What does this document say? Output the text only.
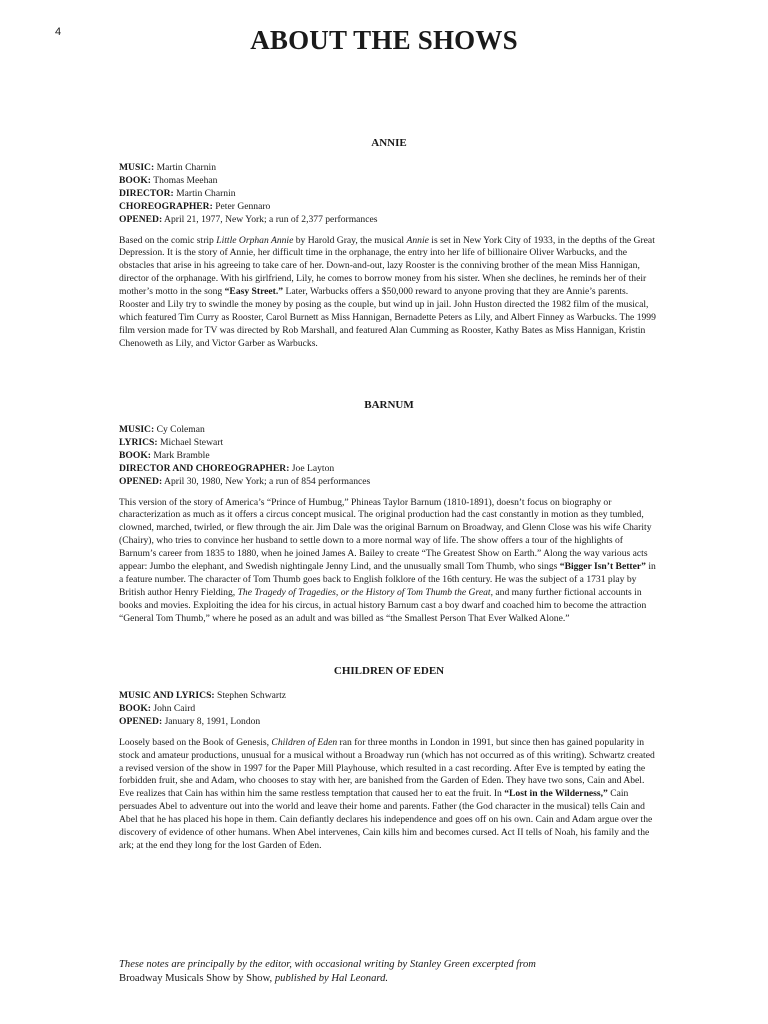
4	ABOUT THE SHOWS
ANNIE
MUSIC: Martin Charnin
BOOK: Thomas Meehan
DIRECTOR: Martin Charnin
CHOREOGRAPHER: Peter Gennaro
OPENED: April 21, 1977, New York; a run of 2,377 performances

Based on the comic strip Little Orphan Annie by Harold Gray, the musical Annie is set in New York City of 1933, in the depths of the Great Depression. It is the story of Annie, her difficult time in the orphanage, the entry into her life of billionaire Oliver Warbucks, and the obstacles that arise in his agreeing to take care of her. Down-and-out, lazy Rooster is the conniving brother of the mean Miss Hannigan, director of the orphanage. With his girlfriend, Lily, he comes to borrow money from his sister. When she declines, he reminds her of their mother’s motto in the song “Easy Street.” Later, Warbucks offers a $50,000 reward to anyone proving that they are Annie’s parents. Rooster and Lily try to swindle the money by posing as the couple, but wind up in jail. John Huston directed the 1982 film of the musical, which featured Tim Curry as Rooster, Carol Burnett as Miss Hannigan, Bernadette Peters as Lily, and Albert Finney as Warbucks. The 1999 film version made for TV was directed by Rob Marshall, and featured Alan Cumming as Rooster, Kathy Bates as Miss Hannigan, Kristin Chenoweth as Lily, and Victor Garber as Warbucks.

BARNUM
MUSIC: Cy Coleman
LYRICS: Michael Stewart
BOOK: Mark Bramble
DIRECTOR AND CHOREOGRAPHER: Joe Layton
OPENED: April 30, 1980, New York; a run of 854 performances

This version of the story of America’s “Prince of Humbug,” Phineas Taylor Barnum (1810-1891), doesn’t focus on biography or characterization as much as it offers a circus concept musical. The original production had the cast constantly in motion as they tumbled, clowned, marched, twirled, or flew through the air. Jim Dale was the original Barnum on Broadway, and Glenn Close was his wife Charity (Chairy), who tries to convince her husband to settle down to a more normal way of life. The show offers a tour of the highlights of Barnum’s career from 1835 to 1880, when he joined James A. Bailey to create “The Greatest Show on Earth.” Along the way various acts appear: Jumbo the elephant, and Swedish nightingale Jenny Lind, and the unusually small Tom Thumb, who sings “Bigger Isn’t Better” in a feature number. The character of Tom Thumb goes back to English folklore of the 16th century. He was the subject of a 1731 play by British author Henry Fielding, The Tragedy of Tragedies, or the History of Tom Thumb the Great, and many further fictional accounts in books and movies. Exploiting the idea for his circus, in actual history Barnum cast a boy dwarf and coached him to become the attraction “General Tom Thumb,” where he posed as an adult and was billed as “the Smallest Person That Ever Walked Alone.”

CHILDREN OF EDEN
MUSIC AND LYRICS: Stephen Schwartz
BOOK: John Caird
OPENED: January 8, 1991, London

Loosely based on the Book of Genesis, Children of Eden ran for three months in London in 1991, but since then has gained popularity in stock and amateur productions, unusual for a musical without a Broadway run (which has not occurred as of this writing). Schwartz created a revised version of the show in 1997 for the Paper Mill Playhouse, which resulted in a cast recording. After Eve is tempted by eating the forbidden fruit, she and Adam, who chooses to stay with her, are banished from the Garden of Eden. They have two sons, Cain and Abel. Eve realizes that Cain has within him the same restless temptation that caused her to eat the fruit. In “Lost in the Wilderness,” Cain persuades Abel to adventure out into the world and leave their home and parents. Father (the God character in the musical) tells Cain and Abel that he has placed his hope in them. Cain defiantly declares his independence and goes off on his own. Cain and Adam argue over the discovery of evidence of other humans. When Abel intervenes, Cain kills him and becomes cursed. Act II tells of Noah, his family and the ark; at the end they long for the lost Garden of Eden.

These notes are principally by the editor, with occasional writing by Stanley Green excerpted from
Broadway Musicals Show by Show, published by Hal Leonard.
